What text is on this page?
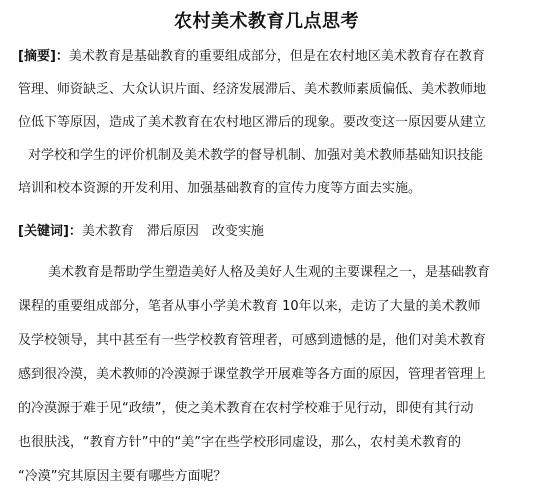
农村美术教育几点思考
[摘要]：美术教育是基础教育的重要组成部分，但是在农村地区美术教育存在教育
管理、师资缺乏、大众认识片面、经济发展滞后、美术教师素质偏低、美术教师地
位低下等原因，造成了美术教育在农村地区滞后的现象。要改变这一原因要从建立
对学校和学生的评价机制及美术教学的督导机制、加强对美术教师基础知识技能
培训和校本资源的开发利用、加强基础教育的宣传力度等方面去实施。
[关键词]：美术教育　滞后原因　改变实施
美术教育是帮助学生塑造美好人格及美好人生观的主要课程之一，是基础教育
课程的重要组成部分，笔者从事小学美术教育 10年以来，走访了大量的美术教师
及学校领导，其中甚至有一些学校教育管理者，可感到遗憾的是，他们对美术教育
感到很冷漠，美术教师的冷漠源于课堂教学开展难等各方面的原因，管理者管理上
的冷漠源于难于见“政绩”，使之美术教育在农村学校难于见行动，即使有其行动
也很肤浅，“教育方针”中的“美”字在些学校形同虚设，那么，农村美术教育的
“冷漠”究其原因主要有哪些方面呢？
